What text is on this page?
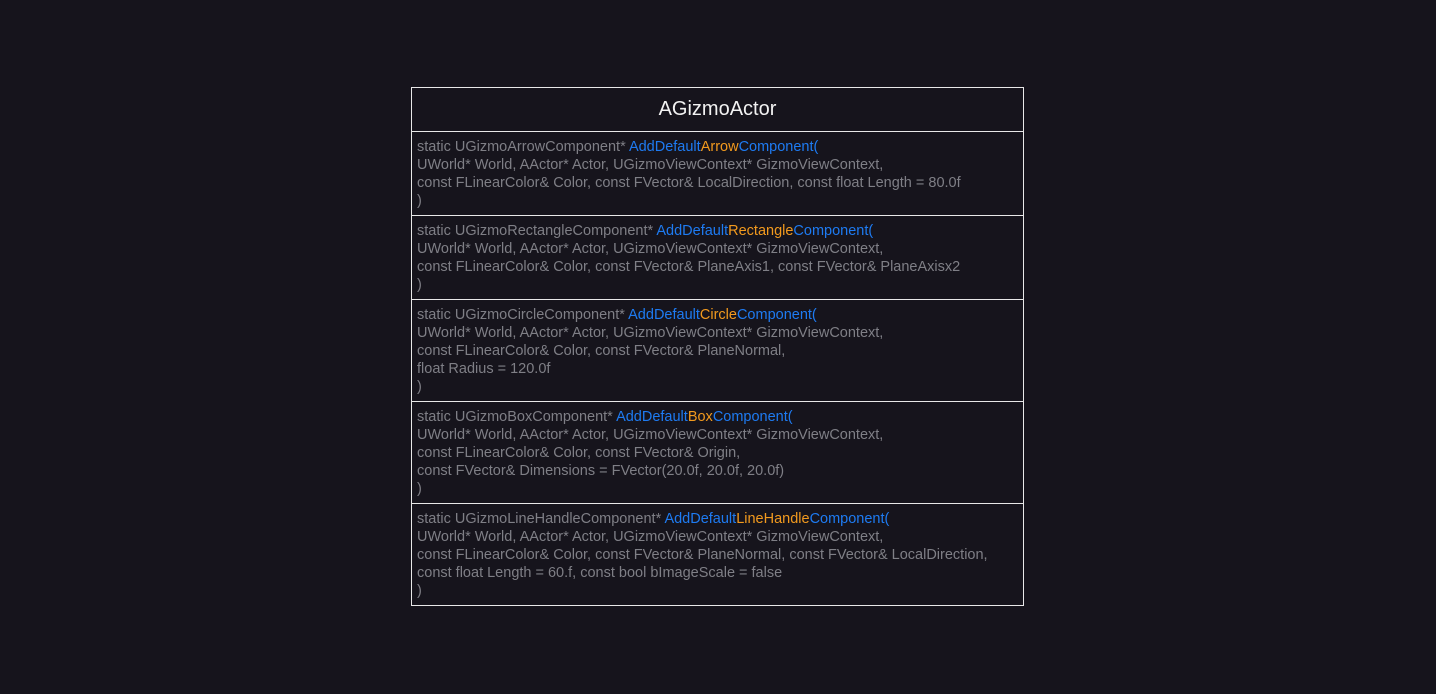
AGizmoActor
static UGizmoArrowComponent* AddDefaultArrowComponent(
UWorld* World, AActor* Actor, UGizmoViewContext* GizmoViewContext,
const FLinearColor& Color, const FVector& LocalDirection, const float Length = 80.0f
)
static UGizmoRectangleComponent* AddDefaultRectangleComponent(
UWorld* World, AActor* Actor, UGizmoViewContext* GizmoViewContext,
const FLinearColor& Color, const FVector& PlaneAxis1, const FVector& PlaneAxisx2
)
static UGizmoCircleComponent* AddDefaultCircleComponent(
UWorld* World, AActor* Actor, UGizmoViewContext* GizmoViewContext,
const FLinearColor& Color, const FVector& PlaneNormal,
float Radius = 120.0f
)
static UGizmoBoxComponent* AddDefaultBoxComponent(
UWorld* World, AActor* Actor, UGizmoViewContext* GizmoViewContext,
const FLinearColor& Color, const FVector& Origin,
const FVector& Dimensions = FVector(20.0f, 20.0f, 20.0f)
)
static UGizmoLineHandleComponent* AddDefaultLineHandleComponent(
UWorld* World, AActor* Actor, UGizmoViewContext* GizmoViewContext,
const FLinearColor& Color, const FVector& PlaneNormal, const FVector& LocalDirection,
const float Length = 60.f, const bool bImageScale = false
)
